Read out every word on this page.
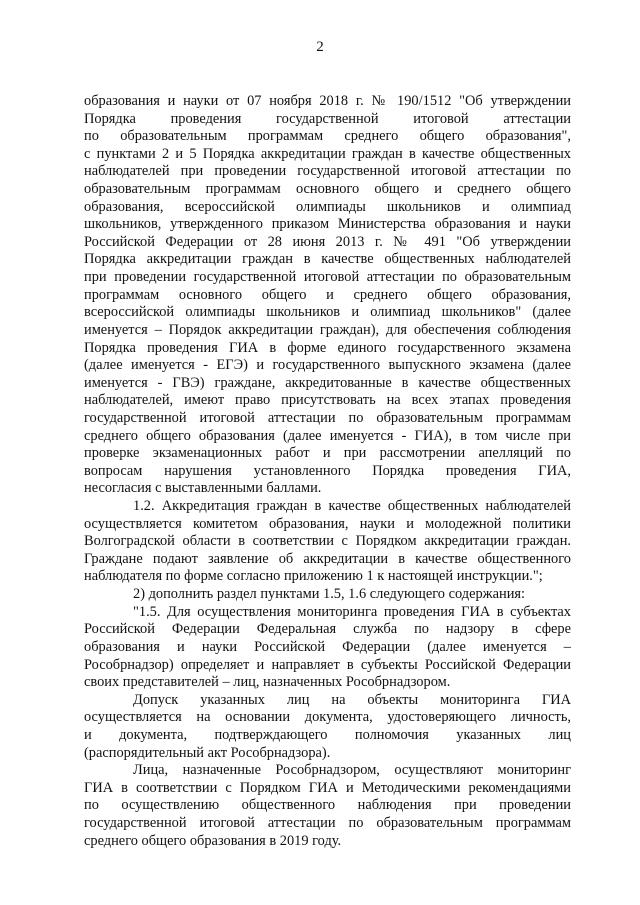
2
образования и науки от 07 ноября 2018 г. № 190/1512 "Об утверждении
Порядка проведения государственной итоговой аттестации
по образовательным программам среднего общего образования",
с пунктами 2 и 5 Порядка аккредитации граждан в качестве общественных
наблюдателей при проведении государственной итоговой аттестации по
образовательным программам основного общего и среднего общего
образования, всероссийской олимпиады школьников и олимпиад
школьников, утвержденного приказом Министерства образования и науки
Российской Федерации от 28 июня 2013 г. № 491 "Об утверждении
Порядка аккредитации граждан в качестве общественных наблюдателей
при проведении государственной итоговой аттестации по образовательным
программам основного общего и среднего общего образования,
всероссийской олимпиады школьников и олимпиад школьников" (далее
именуется – Порядок аккредитации граждан), для обеспечения соблюдения
Порядка проведения ГИА в форме единого государственного экзамена
(далее именуется - ЕГЭ) и государственного выпускного экзамена (далее
именуется - ГВЭ) граждане, аккредитованные в качестве общественных
наблюдателей, имеют право присутствовать на всех этапах проведения
государственной итоговой аттестации по образовательным программам
среднего общего образования (далее именуется - ГИА), в том числе при
проверке экзаменационных работ и при рассмотрении апелляций по
вопросам нарушения установленного Порядка проведения ГИА,
несогласия с выставленными баллами.
1.2. Аккредитация граждан в качестве общественных наблюдателей
осуществляется комитетом образования, науки и молодежной политики
Волгоградской области в соответствии с Порядком аккредитации граждан.
Граждане подают заявление об аккредитации в качестве общественного
наблюдателя по форме согласно приложению 1 к настоящей инструкции.";
2) дополнить раздел пунктами 1.5, 1.6 следующего содержания:
"1.5. Для осуществления мониторинга проведения ГИА в субъектах
Российской Федерации Федеральная служба по надзору в сфере
образования и науки Российской Федерации (далее именуется –
Рособрнадзор) определяет и направляет в субъекты Российской Федерации
своих представителей – лиц, назначенных Рособрнадзором.
Допуск указанных лиц на объекты мониторинга ГИА
осуществляется на основании документа, удостоверяющего личность,
и документа, подтверждающего полномочия указанных лиц
(распорядительный акт Рособрнадзора).
Лица, назначенные Рособрнадзором, осуществляют мониторинг
ГИА в соответствии с Порядком ГИА и Методическими рекомендациями
по осуществлению общественного наблюдения при проведении
государственной итоговой аттестации по образовательным программам
среднего общего образования в 2019 году.
